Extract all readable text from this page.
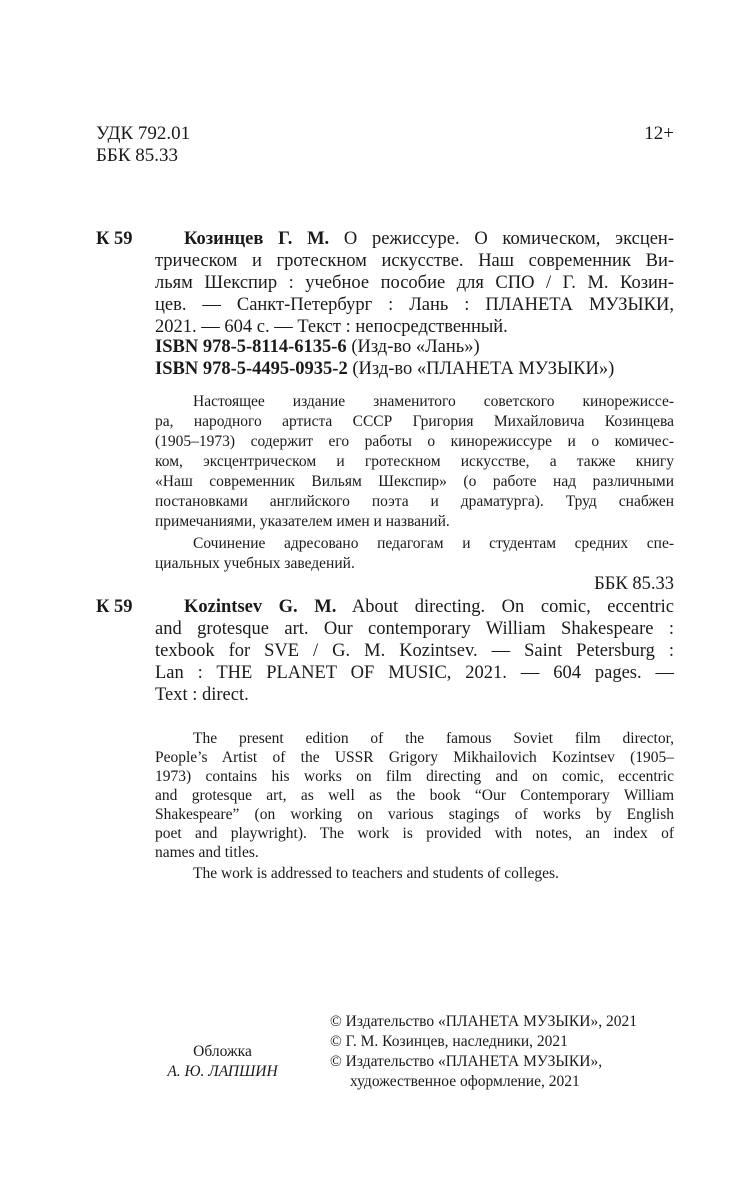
УДК 792.01
ББК 85.33
12+
К 59	Козинцев Г. М. О режиссуре. О комическом, эксцен-
трическом и гротескном искусстве. Наш современник Ви-
льям Шекспир : учебное пособие для СПО / Г. М. Козин-
цев. — Санкт-Петербург : Лань : ПЛАНЕТА МУЗЫКИ,
2021. — 604 с. — Текст : непосредственный.
ISBN 978-5-8114-6135-6 (Изд-во «Лань»)
ISBN 978-5-4495-0935-2 (Изд-во «ПЛАНЕТА МУЗЫКИ»)
Настоящее издание знаменитого советского кинорежиссе-
ра, народного артиста СССР Григория Михайловича Козинцева
(1905–1973) содержит его работы о кинорежиссуре и о комичес-
ком, эксцентрическом и гротескном искусстве, а также книгу
«Наш современник Вильям Шекспир» (о работе над различными
постановками английского поэта и драматурга). Труд снабжен
примечаниями, указателем имен и названий.
Сочинение адресовано педагогам и студентам средних спе-
циальных учебных заведений.
ББК 85.33
К 59	Kozintsev G. M. About directing. On comic, eccentric
and grotesque art. Our contemporary William Shakespeare :
texbook for SVE / G. M. Kozintsev. — Saint Petersburg :
Lan : THE PLANET OF MUSIC, 2021. — 604 pages. —
Text : direct.
The present edition of the famous Soviet film director,
People’s Artist of the USSR Grigory Mikhailovich Kozintsev (1905–
1973) contains his works on film directing and on comic, eccentric
and grotesque art, as well as the book “Our Contemporary William
Shakespeare” (on working on various stagings of works by English
poet and playwright). The work is provided with notes, an index of
names and titles.
The work is addressed to teachers and students of colleges.
Обложка
А. Ю. ЛАПШИН
© Издательство «ПЛАНЕТА МУЗЫКИ», 2021
© Г. М. Козинцев, наследники, 2021
© Издательство «ПЛАНЕТА МУЗЫКИ»,
художественное оформление, 2021
